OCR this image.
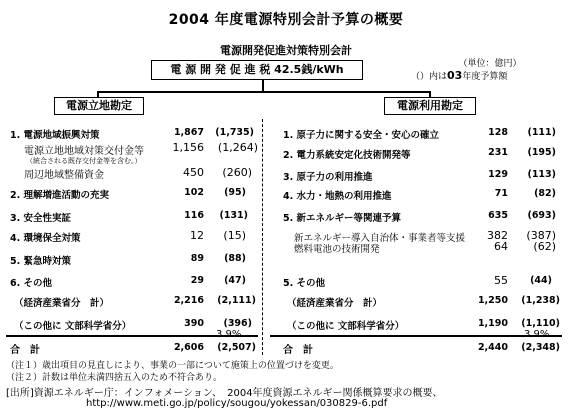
2004 年度電源特別会計予算の概要
電源開発促進対策特別会計
電 源 開 発 促 進 税 42.5銭/kWh	（単位：億円）
（）内は03年度予算額
電源立地勘定	電源利用勘定
1. 電源地域振興対策	1,867	(1,735)
電源立地地域対策交付金等	1,156	(1,264)
（統合される既存交付金等を含む。）
周辺地域整備資金	450	(260)
2. 理解増進活動の充実	102	(95)
3. 安全性実証	116	(131)
4. 環境保全対策	12	(15)
5. 緊急時対策	89	(88)
6. その他	29	(47)
（経済産業省分　計）	2,216	(2,111)
（この他に 文部科学省分）	390	(396)
3.9%
合　計	2,606	(2,507)
1. 原子力に関する安全・安心の確立	128	(111)
2. 電力系統安定化技術開発等	231	(195)
3. 原子力の利用推進	129	(113)
4. 水力・地熱の利用推進	71	(82)
5. 新エネルギー等関連予算	635	(693)
新エネルギー導入自治体・事業者等支援	382	(387)
燃料電池の技術開発	64	(62)
5. その他	55	(44)
（経済産業省分　計）	1,250	(1,238)
（この他に 文部科学省分）	1,190	(1,110)
3.9%
合　計	2,440	(2,348)
（注１）歳出項目の見直しにより、事業の一部について施策上の位置づけを変更。
（注２）計数は単位未満四捨五入のため不符合あり。
[出所]資源エネルギー庁：インフォメーション、　2004年度資源エネルギー関係概算要求の概要、
http://www.meti.go.jp/policy/sougou/yokessan/030829-6.pdf
